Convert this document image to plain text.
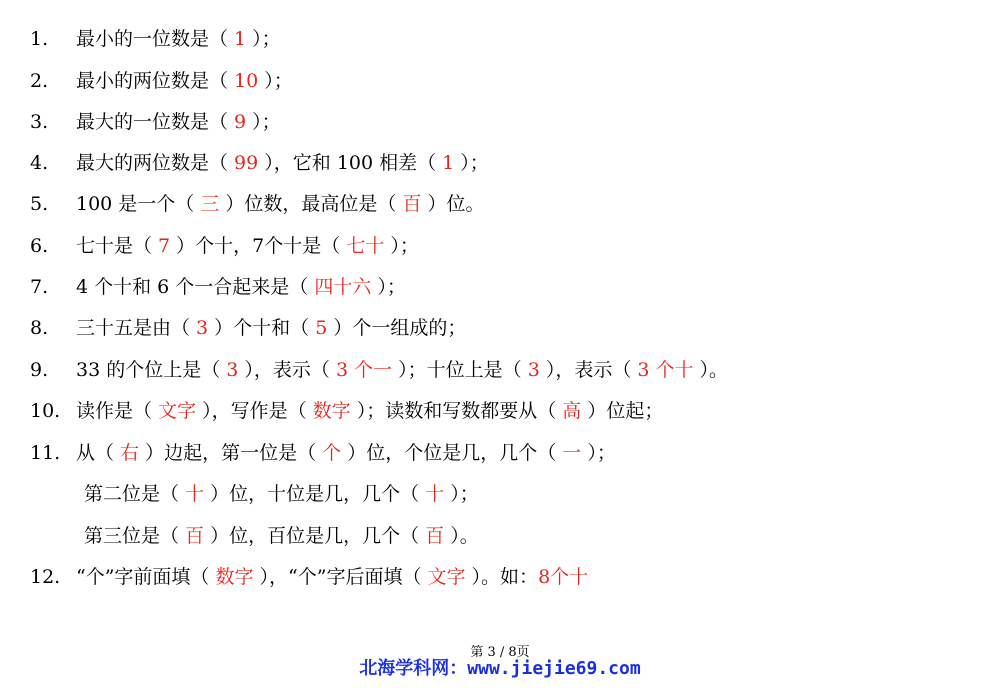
1. 最小的一位数是（ 1 ）；
2. 最小的两位数是（ 10 ）；
3. 最大的一位数是（ 9 ）；
4. 最大的两位数是（ 99 ），它和 100 相差（ 1 ）；
5. 100 是一个（ 三 ）位数，最高位是（ 百 ）位。
6. 七十是（ 7 ）个十，7个十是（ 七十 ）；
7. 4 个十和 6 个一合起来是（ 四十六 ）；
8. 三十五是由（ 3 ）个十和（ 5 ）个一组成的；
9. 33 的个位上是（ 3 ），表示（ 3 个一 ）；十位上是（ 3 ），表示（ 3 个十 ）。
10. 读作是（ 文字 ），写作是（ 数字 ）；读数和写数都要从（ 高 ）位起；
11. 从（ 右 ）边起，第一位是（ 个 ）位，个位是几，几个（ 一 ）；
第二位是（ 十 ）位，十位是几，几个（ 十 ）；
第三位是（ 百 ）位，百位是几，几个（ 百 ）。
12. “个”字前面填（ 数字 ），“个”字后面填（ 文字 ）。如：8个十
第 3 / 8页
北海学科网：www.jiejie69.com
